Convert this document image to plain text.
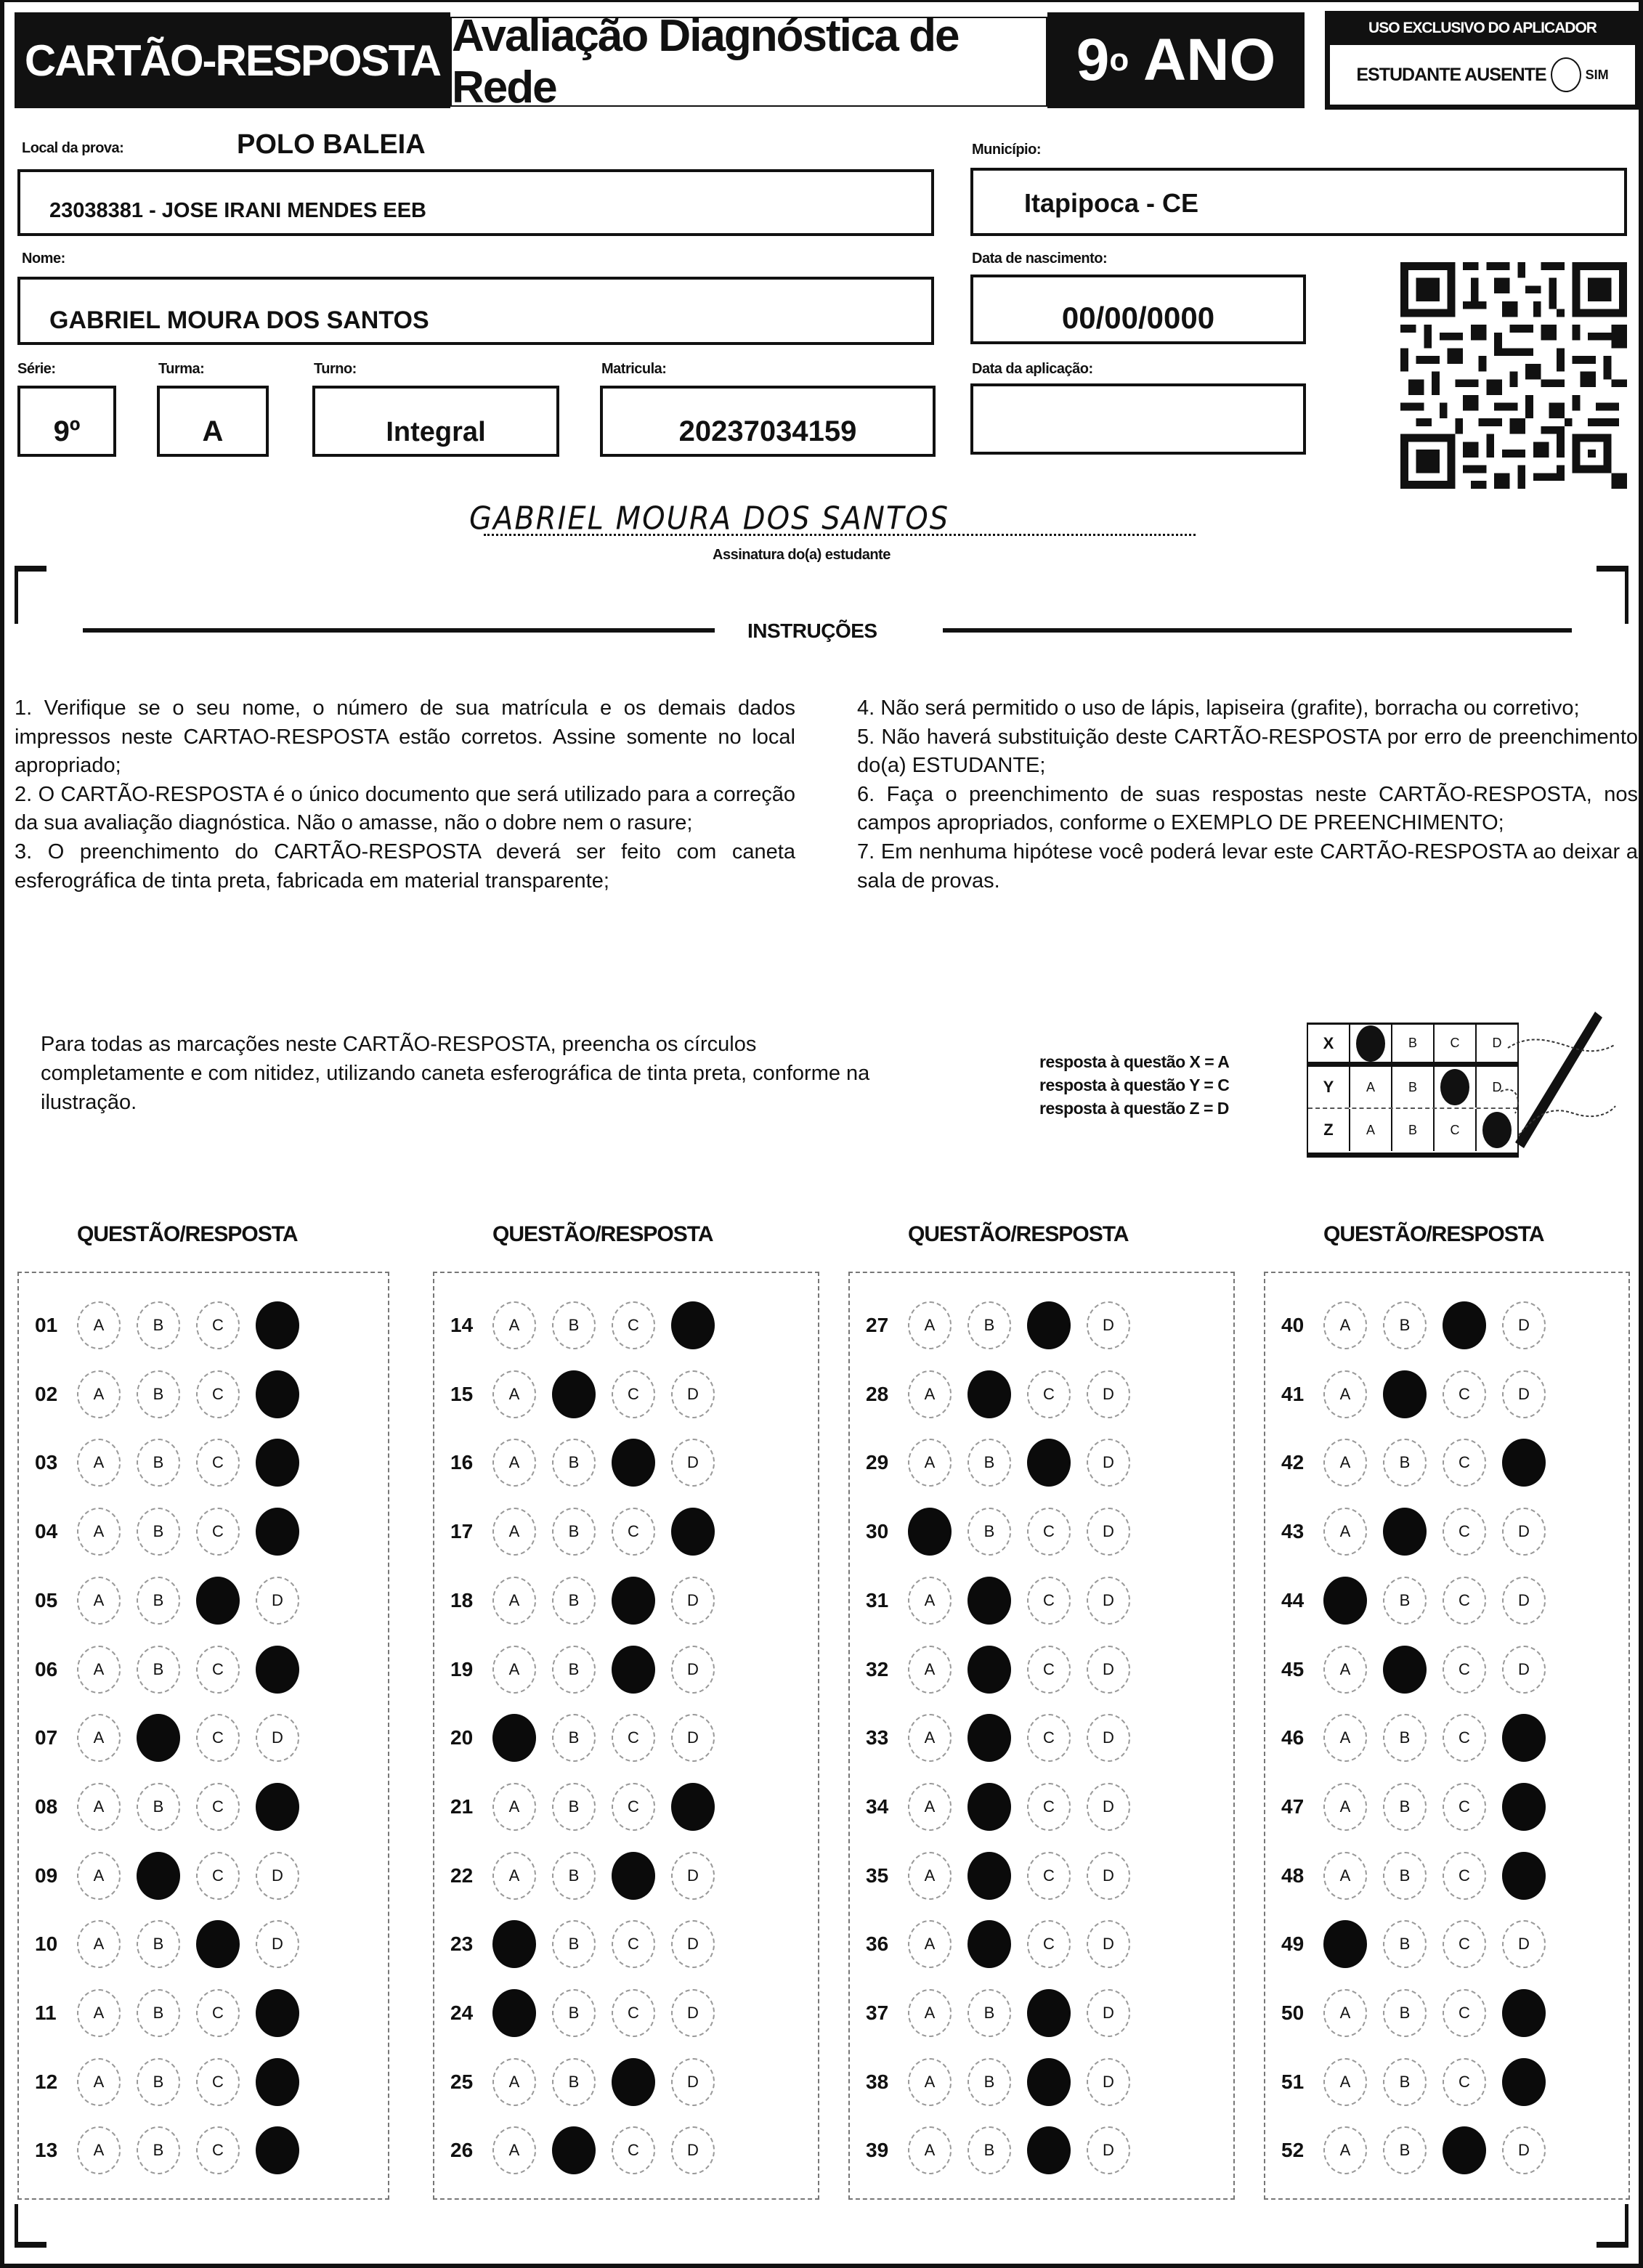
CARTÃO-RESPOSTA Avaliação Diagnóstica de Rede	9 o ANO	USO EXCLUSIVO DO APLICADOR
ESTUDANTE AUSENTE	SIM
Local da prova:	POLO BALEIA
23038381 - JOSE IRANI MENDES EEB
Município:
Itapipoca - CE
Nome:
GABRIEL MOURA DOS SANTOS
Data de nascimento:
00/00/0000
Série:
9º
Turma:
A
Turno:
Integral
Matricula:
20237034159
Data da aplicação:
GABRIEL MOURA DOS SANTOS
Assinatura do(a) estudante
INSTRUÇÕES

1. Verifique se o seu nome, o número de sua matrícula e os demais dados impressos neste CARTAO-RESPOSTA estão corretos. Assine somente no local apropriado;

2. O CARTÃO-RESPOSTA é o único documento que será utilizado para a correção da sua avaliação diagnóstica. Não o amasse, não o dobre nem o rasure;

3. O preenchimento do CARTÃO-RESPOSTA deverá ser feito com caneta esferográfica de tinta preta, fabricada em material transparente;

4. Não será permitido o uso de lápis, lapiseira (grafite), borracha ou corretivo;

5. Não haverá substituição deste CARTÃO-RESPOSTA por erro de preenchimento do(a) ESTUDANTE;

6. Faça o preenchimento de suas respostas neste CARTÃO-RESPOSTA, nos campos apropriados, conforme o EXEMPLO DE PREENCHIMENTO;

7. Em nenhuma hipótese você poderá levar este CARTÃO-RESPOSTA ao deixar a sala de provas.

Para todas as marcações neste CARTÃO-RESPOSTA, preencha os círculos completamente e com nitidez, utilizando caneta esferográfica de tinta preta, conforme na ilustração.
resposta à questão X = A
resposta à questão Y = C
resposta à questão Z = D
X	B	C	D
Y	A	B	D
Z	A	B	C
QUESTÃO/RESPOSTA
01	A	B	C
02	A	B	C
03	A	B	C
04	A	B	C
05	A	B	D
06	A	B	C
07	A	C	D
08	A	B	C
09	A	C	D
10	A	B	D
11	A	B	C
12	A	B	C
13	A	B	C
QUESTÃO/RESPOSTA
14	A	B	C
15	A	C	D
16	A	B	D
17	A	B	C
18	A	B	D
19	A	B	D
20	B	C	D
21	A	B	C
22	A	B	D
23	B	C	D
24	B	C	D
25	A	B	D
26	A	C	D
QUESTÃO/RESPOSTA
27	A	B	D
28	A	C	D
29	A	B	D
30	B	C	D
31	A	C	D
32	A	C	D
33	A	C	D
34	A	C	D
35	A	C	D
36	A	C	D
37	A	B	D
38	A	B	D
39	A	B	D
QUESTÃO/RESPOSTA
40	A	B	D
41	A	C	D
42	A	B	C
43	A	C	D
44	B	C	D
45	A	C	D
46	A	B	C
47	A	B	C
48	A	B	C
49	B	C	D
50	A	B	C
51	A	B	C
52	A	B	D
